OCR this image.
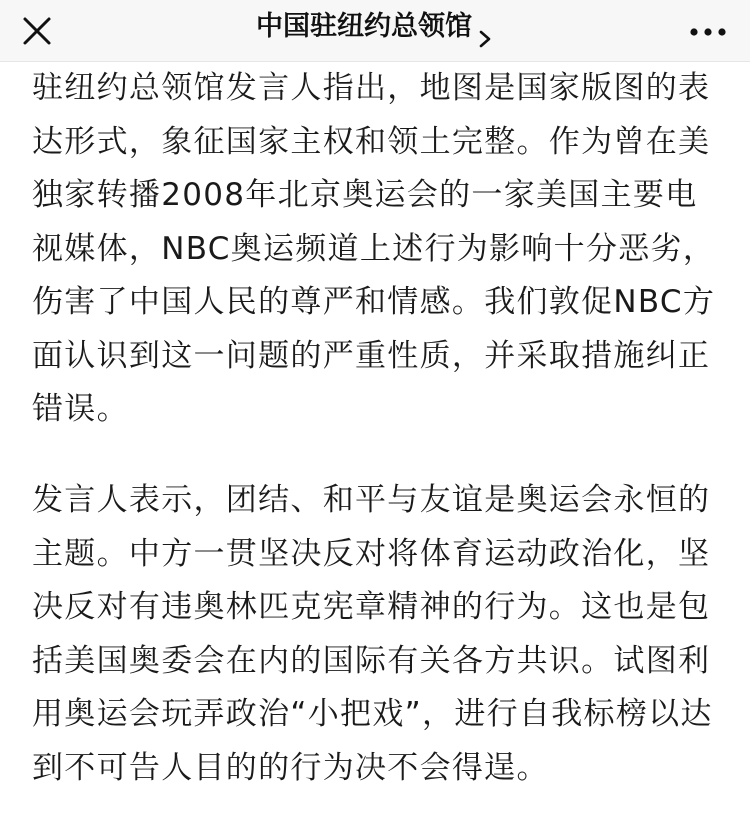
中国驻纽约总领馆

驻纽约总领馆发言人指出，地图是国家版图的表达形式，象征国家主权和领土完整。作为曾在美独家转播2008年北京奥运会的一家美国主要电视媒体，NBC奥运频道上述行为影响十分恶劣，伤害了中国人民的尊严和情感。我们敦促NBC方面认识到这一问题的严重性质，并采取措施纠正错误。

发言人表示，团结、和平与友谊是奥运会永恒的主题。中方一贯坚决反对将体育运动政治化，坚决反对有违奥林匹克宪章精神的行为。这也是包括美国奥委会在内的国际有关各方共识。试图利用奥运会玩弄政治“小把戏”，进行自我标榜以达到不可告人目的的行为决不会得逞。
